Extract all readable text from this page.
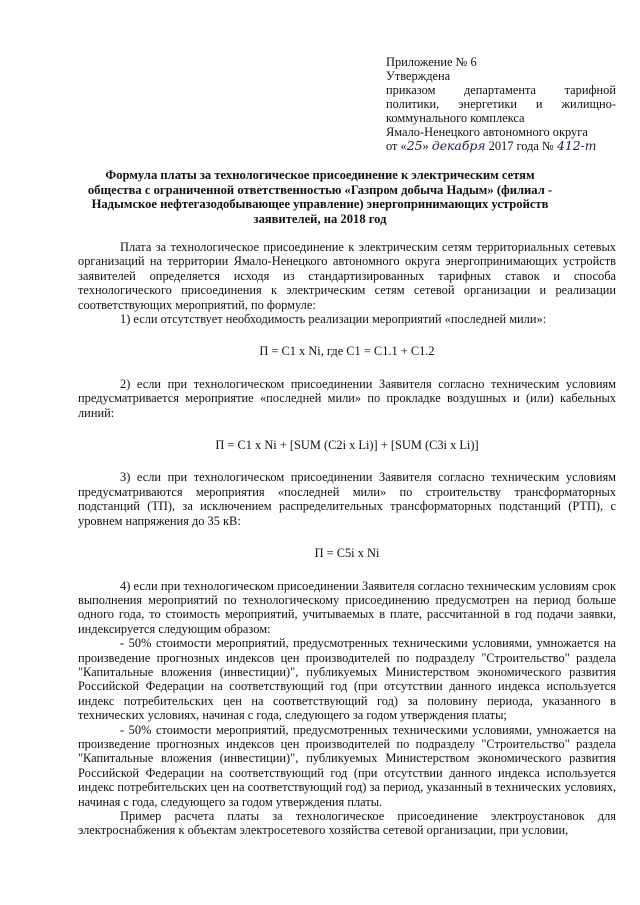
Приложение № 6
Утверждена
приказом департамента тарифной
политики, энергетики и жилищно-
коммунального комплекса
Ямало-Ненецкого автономного округа
от «25» декабря 2017 года № 412-т
Формула платы за технологическое присоединение к электрическим сетям общества с ограниченной ответственностью «Газпром добыча Надым» (филиал - Надымское нефтегазодобывающее управление) энергопринимающих устройств заявителей, на 2018 год

Плата за технологическое присоединение к электрическим сетям территориальных сетевых организаций на территории Ямало-Ненецкого автономного округа энергопринимающих устройств заявителей определяется исходя из стандартизированных тарифных ставок и способа технологического присоединения к электрическим сетям сетевой организации и реализации соответствующих мероприятий, по формуле:

1) если отсутствует необходимость реализации мероприятий «последней мили»:

П = С1 х Ni, где С1 = С1.1 + С1.2

2) если при технологическом присоединении Заявителя согласно техническим условиям предусматривается мероприятие «последней мили» по прокладке воздушных и (или) кабельных линий:

П = С1 х Ni + [SUM (С2i x Li)] + [SUM (С3i x Li)]

3) если при технологическом присоединении Заявителя согласно техническим условиям предусматриваются мероприятия «последней мили» по строительству трансформаторных подстанций (ТП), за исключением распределительных трансформаторных подстанций (РТП), с уровнем напряжения до 35 кВ:

П = С5i х Ni

4) если при технологическом присоединении Заявителя согласно техническим условиям срок выполнения мероприятий по технологическому присоединению предусмотрен на период больше одного года, то стоимость мероприятий, учитываемых в плате, рассчитанной в год подачи заявки, индексируется следующим образом:

- 50% стоимости мероприятий, предусмотренных техническими условиями, умножается на произведение прогнозных индексов цен производителей по подразделу "Строительство" раздела "Капитальные вложения (инвестиции)", публикуемых Министерством экономического развития Российской Федерации на соответствующий год (при отсутствии данного индекса используется индекс потребительских цен на соответствующий год) за половину периода, указанного в технических условиях, начиная с года, следующего за годом утверждения платы;

- 50% стоимости мероприятий, предусмотренных техническими условиями, умножается на произведение прогнозных индексов цен производителей по подразделу "Строительство" раздела "Капитальные вложения (инвестиции)", публикуемых Министерством экономического развития Российской Федерации на соответствующий год (при отсутствии данного индекса используется индекс потребительских цен на соответствующий год) за период, указанный в технических условиях, начиная с года, следующего за годом утверждения платы.

Пример расчета платы за технологическое присоединение электроустановок для электроснабжения к объектам электросетевого хозяйства сетевой организации, при условии,
